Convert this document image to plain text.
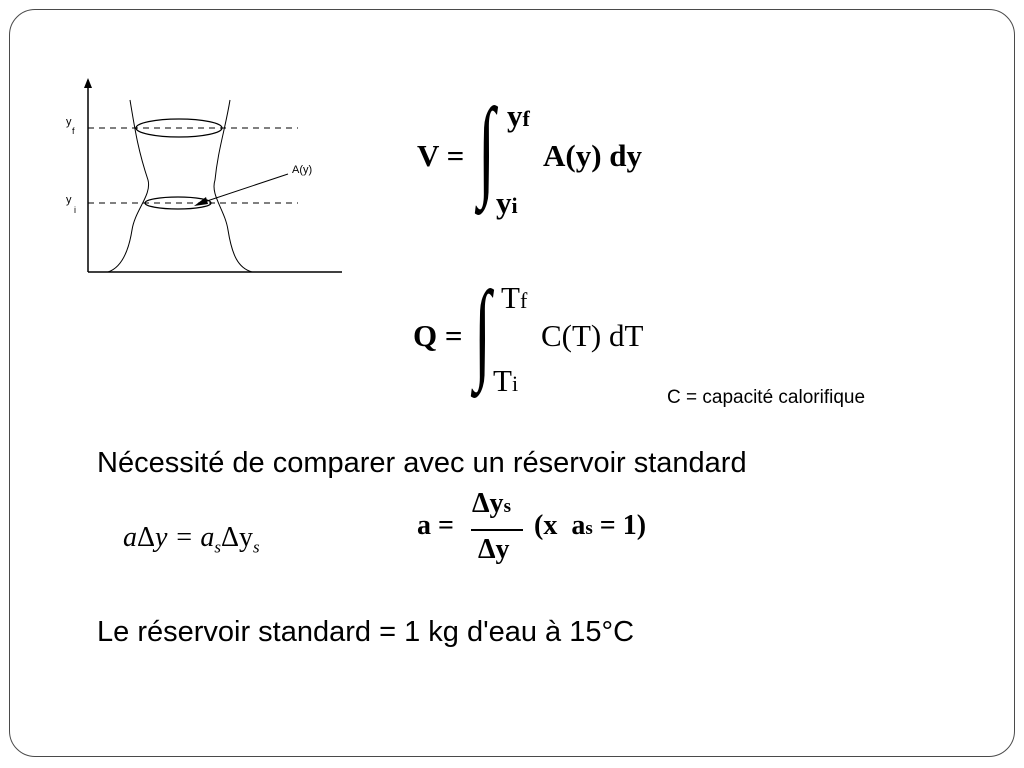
y
f
y
i
A(y)	V = ∫ yf
yi
A(y) dy
Q = ∫ Tf
Ti
C(T) dT
C = capacité calorifique
Nécessité de comparer avec un réservoir standard
$a\Delta y = a_s\Delta y_s$
a =
Δys
Δy
(x  as = 1)
Le réservoir standard = 1 kg d'eau à 15°C
